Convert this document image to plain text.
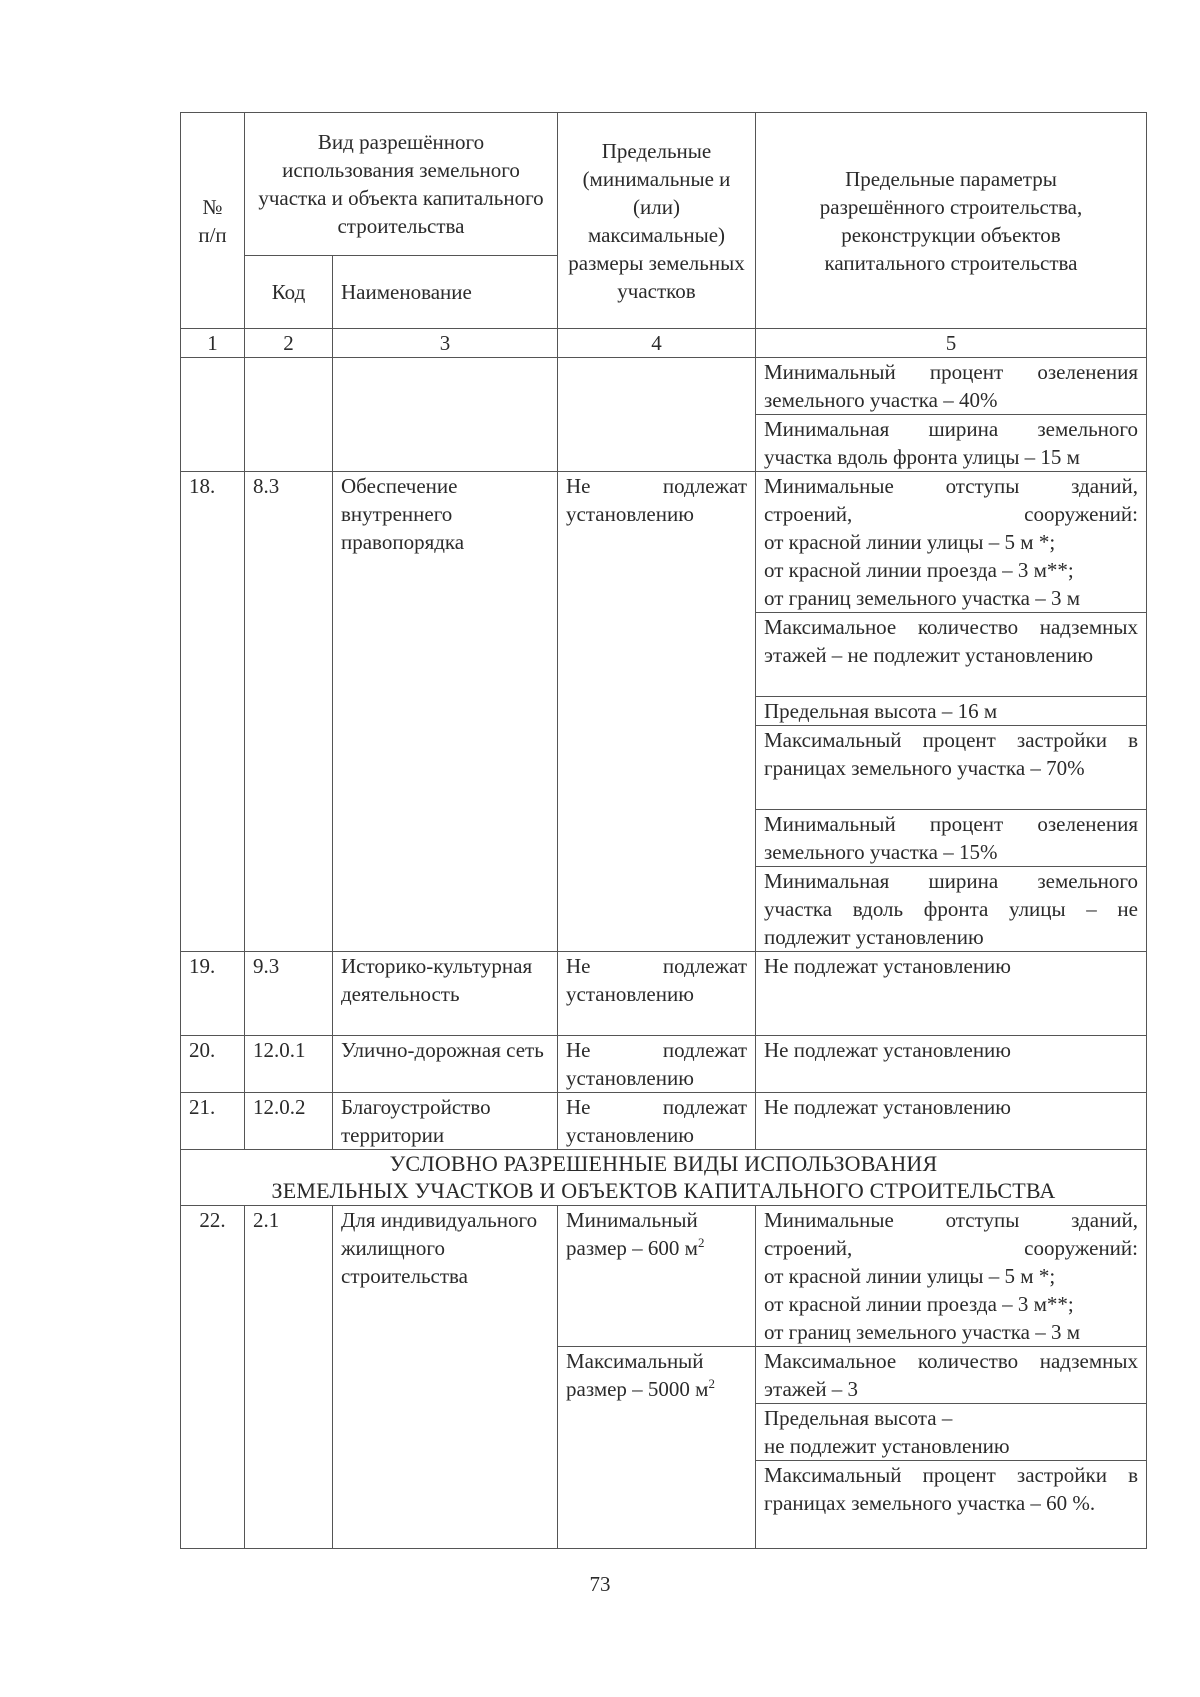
№
п/п	Вид разрешённого использования земельного участка и объекта капитального строительства		Предельные (минимальные и (или) максимальные) размеры земельных участков	Предельные параметры разрешённого строительства, реконструкции объектов капитального строительства
	Код	Наименование		
1	2	3	4	5
				Минимальный процент озеленения земельного участка – 40%
				Минимальная ширина земельного участка вдоль фронта улицы – 15 м
18.	8.3	Обеспечение внутреннего правопорядка	Не подлежат установлению	Минимальные отступы зданий, строений, сооружений:
от красной линии улицы – 5 м *;
от красной линии проезда – 3 м**;
от границ земельного участка – 3 м

				Максимальное количество надземных этажей – не подлежит установлению
				Предельная высота – 16 м
				Максимальный процент застройки в границах земельного участка – 70%
				Минимальный процент озеленения земельного участка – 15%
				Минимальная ширина земельного участка вдоль фронта улицы – не подлежит установлению
19.	9.3	Историко-культурная деятельность	Не подлежат установлению	Не подлежат установлению
20.	12.0.1	Улично-дорожная сеть	Не подлежат установлению	Не подлежат установлению
21.	12.0.2	Благоустройство территории	Не подлежат установлению	Не подлежат установлению

УСЛОВНО РАЗРЕШЕННЫЕ ВИДЫ ИСПОЛЬЗОВАНИЯ
ЗЕМЕЛЬНЫХ УЧАСТКОВ И ОБЪЕКТОВ КАПИТАЛЬНОГО СТРОИТЕЛЬСТВА				

22.	2.1	Для индивидуального жилищного строительства	Минимальный размер – 600 $м^2$	Минимальные отступы зданий, строений, сооружений:
от красной линии улицы – 5 м *;
от красной линии проезда – 3 м**;
от границ земельного участка – 3 м

			Максимальный размер – 5000 $м^2$	Максимальное количество надземных этажей – 3

				Предельная высота –
не подлежит установлению

				Максимальный процент застройки в границах земельного участка – 60 %.
73
